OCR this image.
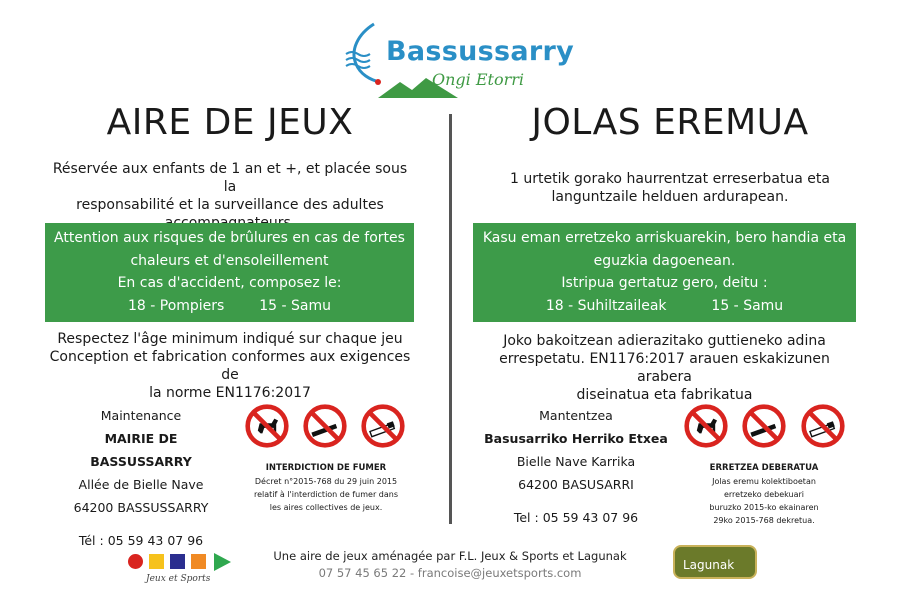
Bassussarry
Ongi Etorri
AIRE DE JEUX
Réservée aux enfants de 1 an et +, et placée sous la
responsabilité et la surveillance des adultes
Attention aux risques de brûlures en cas de fortes
chaleurs et d'ensoleillement
En cas d'accident, composez le:
18 - Pompiers 15 - Samu
Respectez l'âge minimum indiqué sur chaque jeu
Conception et fabrication conformes aux exigences de
la norme EN1176:2017
Maintenance
MAIRIE DE BASSUSSARRY
Allée de Bielle Nave
64200 BASSUSSARRY
Tél : 05 59 43 07 96
INTERDICTION DE FUMER
Décret n°2015-768 du 29 juin 2015
relatif à l'interdiction de fumer dans
les aires collectives de jeux.
JOLAS EREMUA
1 urtetik gorako haurrentzat erreserbatua eta
languntzaile helduen ardurapean.
Kasu eman erretzeko arriskuarekin, bero handia eta
eguzkia dagoenean.
Istripua gertatuz gero, deitu :
18 - Suhiltzaileak	15 - Samu
Joko bakoitzean adierazitako guttieneko adina
errespetatu. EN1176:2017 arauen eskakizunen arabera
diseinatua eta fabrikatua
Mantentzea
Basusarriko Herriko Etxea
Bielle Nave Karrika
64200 BASUSARRI
Tel : 05 59 43 07 96
ERRETZEA DEBERATUA
Jolas eremu kolektiboetan
erretzeko debekuari
buruzko 2015-ko ekainaren
29ko 2015-768 dekretua.
Jeux et Sports
Une aire de jeux aménagée par F.L. Jeux & Sports et Lagunak
07 57 45 65 22 - francoise@jeuxetsports.com
Lagunak
